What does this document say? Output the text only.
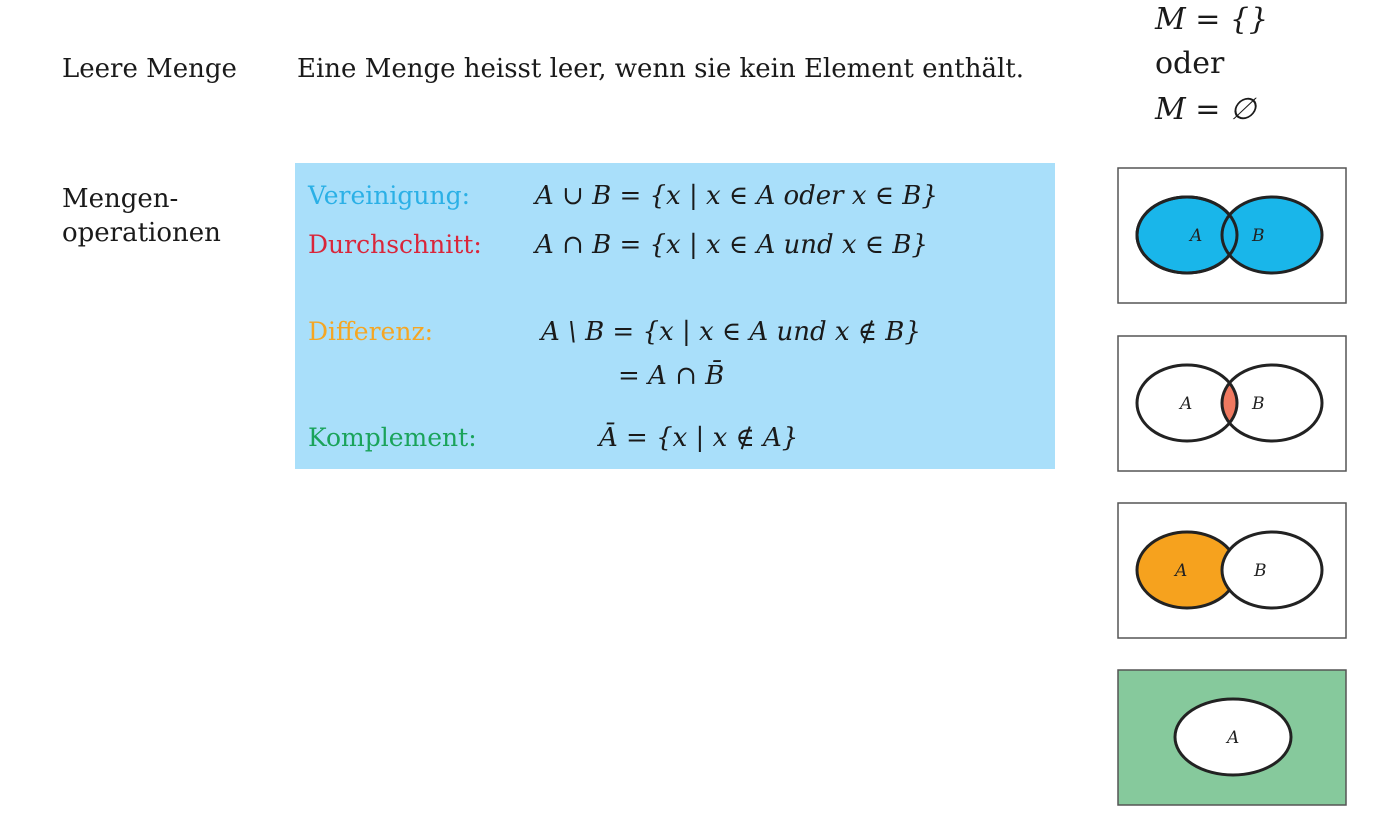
Leere Menge Eine Menge heisst leer, wenn sie kein Element enthält.
M = {}
oder
M = ∅
Mengen-
operationen
Vereinigung: A ∪ B = {x | x ∈ A oder x ∈ B}
Durchschnitt: A ∩ B = {x | x ∈ A und x ∈ B}
Differenz:	A \ B = {x | x ∈ A und x ∉ B}
= A ∩ B̄
Komplement:	Ā = {x | x ∉ A}
A	B
A	B
A	B
A
